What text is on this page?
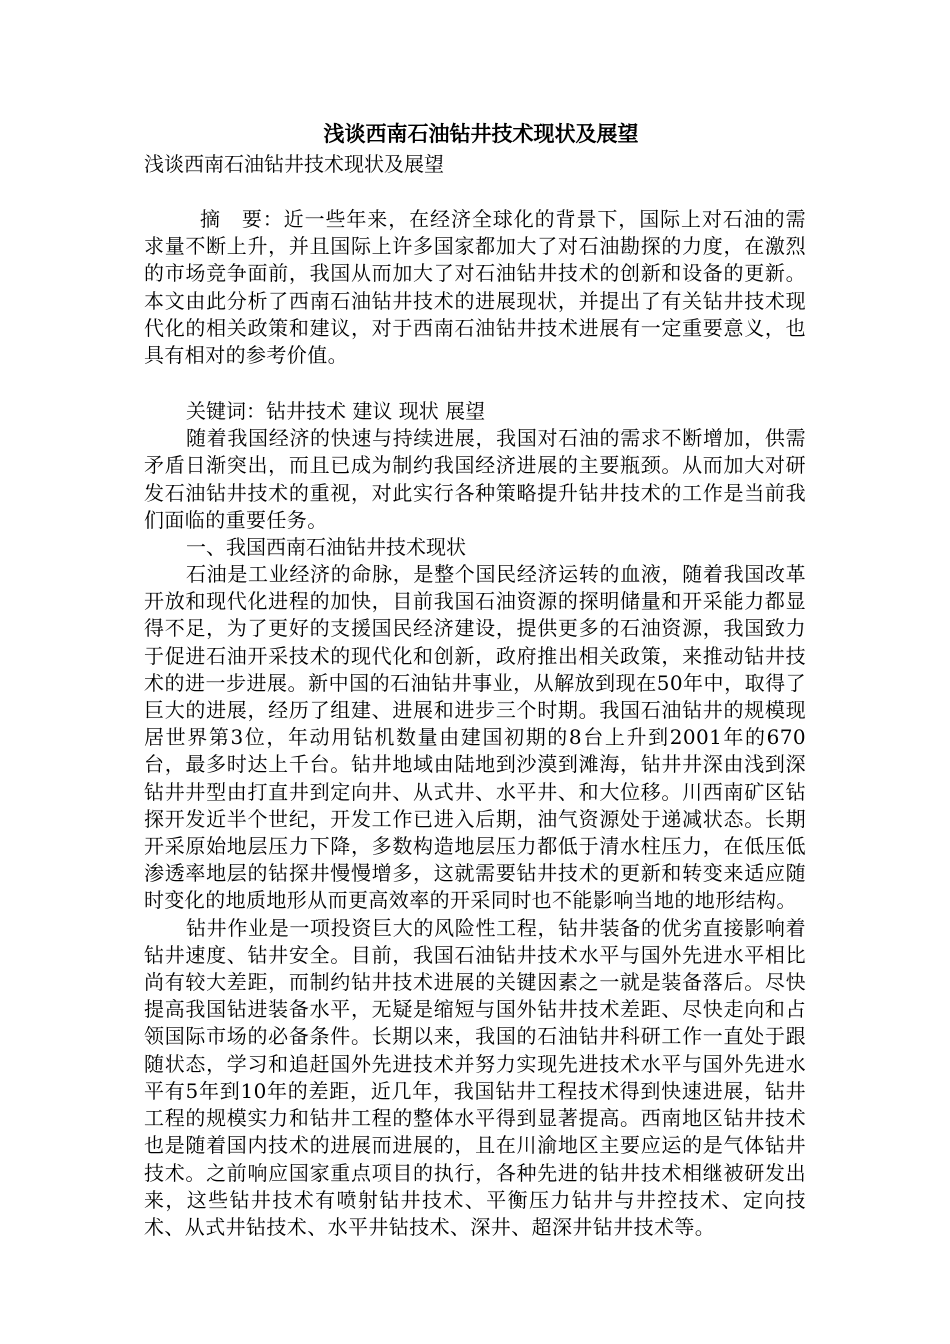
浅谈西南石油钻井技术现状及展望

浅谈西南石油钻井技术现状及展望

摘　要：近一些年来，在经济全球化的背景下，国际上对石油的需求量不断上升，并且国际上许多国家都加大了对石油勘探的力度，在激烈的市场竞争面前，我国从而加大了对石油钻井技术的创新和设备的更新。本文由此分析了西南石油钻井技术的进展现状，并提出了有关钻井技术现代化的相关政策和建议，对于西南石油钻井技术进展有一定重要意义，也具有相对的参考价值。

关键词：钻井技术 建议 现状 展望

随着我国经济的快速与持续进展，我国对石油的需求不断增加，供需矛盾日渐突出，而且已成为制约我国经济进展的主要瓶颈。从而加大对研发石油钻井技术的重视，对此实行各种策略提升钻井技术的工作是当前我们面临的重要任务。

一、我国西南石油钻井技术现状

石油是工业经济的命脉，是整个国民经济运转的血液，随着我国改革开放和现代化进程的加快，目前我国石油资源的探明储量和开采能力都显得不足，为了更好的支援国民经济建设，提供更多的石油资源，我国致力于促进石油开采技术的现代化和创新，政府推出相关政策，来推动钻井技术的进一步进展。新中国的石油钻井事业，从解放到现在50年中，取得了巨大的进展，经历了组建、进展和进步三个时期。我国石油钻井的规模现居世界第3位，年动用钻机数量由建国初期的8台上升到2001年的670台，最多时达上千台。钻井地域由陆地到沙漠到滩海，钻井井深由浅到深钻井井型由打直井到定向井、从式井、水平井、和大位移。川西南矿区钻探开发近半个世纪，开发工作已进入后期，油气资源处于递减状态。长期开采原始地层压力下降，多数构造地层压力都低于清水柱压力，在低压低渗透率地层的钻探井慢慢增多，这就需要钻井技术的更新和转变来适应随时变化的地质地形从而更高效率的开采同时也不能影响当地的地形结构。

钻井作业是一项投资巨大的风险性工程，钻井装备的优劣直接影响着钻井速度、钻井安全。目前，我国石油钻井技术水平与国外先进水平相比尚有较大差距，而制约钻井技术进展的关键因素之一就是装备落后。尽快提高我国钻进装备水平，无疑是缩短与国外钻井技术差距、尽快走向和占领国际市场的必备条件。长期以来，我国的石油钻井科研工作一直处于跟随状态，学习和追赶国外先进技术并努力实现先进技术水平与国外先进水平有5年到10年的差距，近几年，我国钻井工程技术得到快速进展，钻井工程的规模实力和钻井工程的整体水平得到显著提高。西南地区钻井技术也是随着国内技术的进展而进展的，且在川渝地区主要应运的是气体钻井技术。之前响应国家重点项目的执行，各种先进的钻井技术相继被研发出来，这些钻井技术有喷射钻井技术、平衡压力钻井与井控技术、定向技术、从式井钻技术、水平井钻技术、深井、超深井钻井技术等。
